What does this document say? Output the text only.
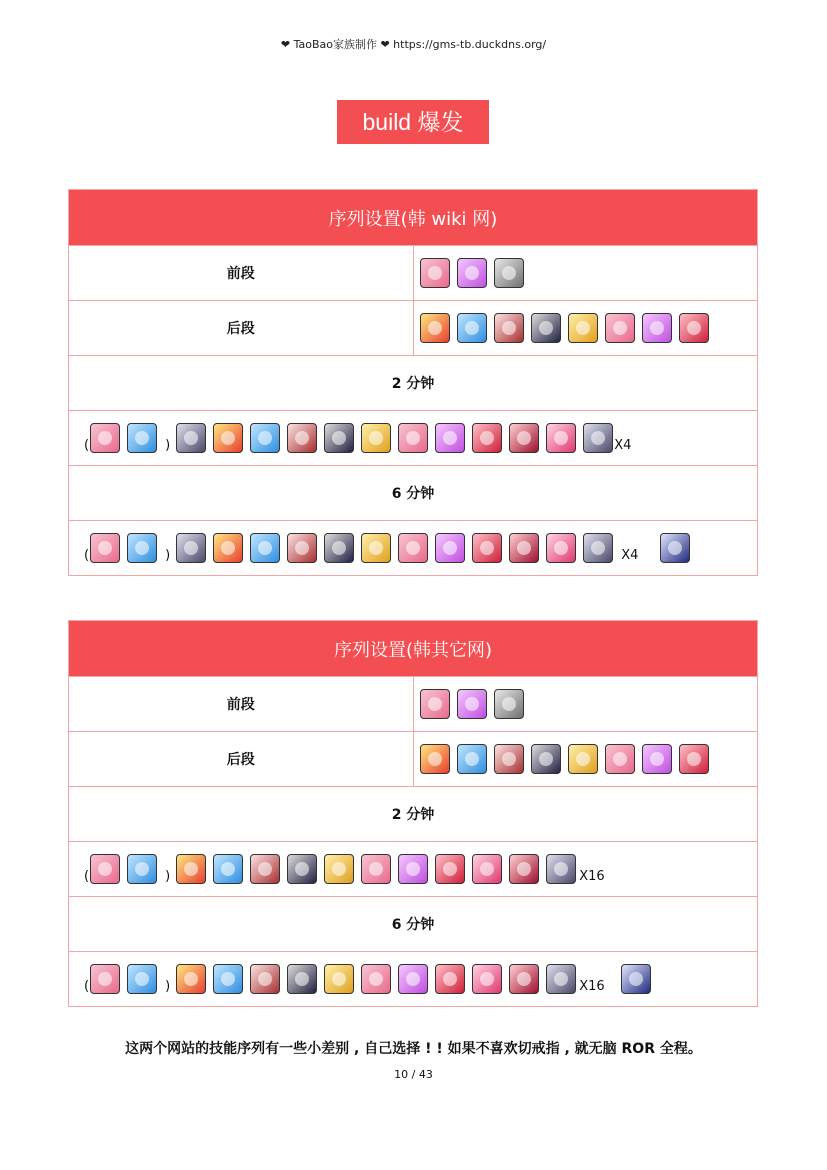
❤ TaoBao家族制作 ❤ https://gms-tb.duckdns.org/
build 爆发
序列设置(韩 wiki 网)	
前段	
后段	
2 分钟	
( ) X4	
6 分钟	
( ) X4	
序列设置(韩其它网)	
前段	
后段	
2 分钟	
( ) X16	
6 分钟	
( ) X16	
这两个网站的技能序列有一些小差别 , 自己选择 ! ! 如果不喜欢切戒指 , 就无脑 ROR 全程。
10 / 43
